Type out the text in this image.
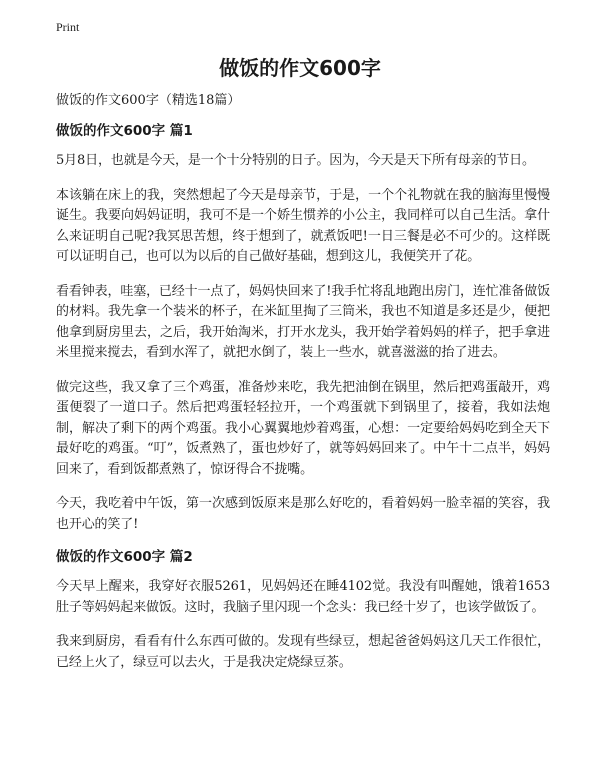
Print
做饭的作文600字
做饭的作文600字（精选18篇）
做饭的作文600字 篇1

5月8日，也就是今天，是一个十分特别的日子。因为，今天是天下所有母亲的节日。

本该躺在床上的我，突然想起了今天是母亲节，于是，一个个礼物就在我的脑海里慢慢诞生。我要向妈妈证明，我可不是一个娇生惯养的小公主，我同样可以自己生活。拿什么来证明自己呢?我冥思苦想，终于想到了，就煮饭吧!一日三餐是必不可少的。这样既可以证明自己，也可以为以后的自己做好基础，想到这儿，我便笑开了花。

看看钟表，哇塞，已经十一点了，妈妈快回来了!我手忙将乱地跑出房门，连忙准备做饭的材料。我先拿一个装米的杯子，在米缸里掏了三筒米，我也不知道是多还是少，便把他拿到厨房里去，之后，我开始淘米，打开水龙头，我开始学着妈妈的样子，把手拿进米里搅来搅去，看到水浑了，就把水倒了，装上一些水，就喜滋滋的抬了进去。

做完这些，我又拿了三个鸡蛋，准备炒来吃，我先把油倒在锅里，然后把鸡蛋敲开，鸡蛋便裂了一道口子。然后把鸡蛋轻轻拉开，一个鸡蛋就下到锅里了，接着，我如法炮制，解决了剩下的两个鸡蛋。我小心翼翼地炒着鸡蛋，心想：一定要给妈妈吃到全天下最好吃的鸡蛋。“叮”，饭煮熟了，蛋也炒好了，就等妈妈回来了。中午十二点半，妈妈回来了，看到饭都煮熟了，惊讶得合不拢嘴。

今天，我吃着中午饭，第一次感到饭原来是那么好吃的，看着妈妈一脸幸福的笑容，我也开心的笑了!

做饭的作文600字 篇2

今天早上醒来，我穿好衣服5261，见妈妈还在睡4102觉。我没有叫醒她，饿着1653肚子等妈妈起来做饭。这时，我脑子里闪现一个念头：我已经十岁了，也该学做饭了。

我来到厨房，看看有什么东西可做的。发现有些绿豆，想起爸爸妈妈这几天工作很忙，已经上火了，绿豆可以去火，于是我决定烧绿豆茶。
